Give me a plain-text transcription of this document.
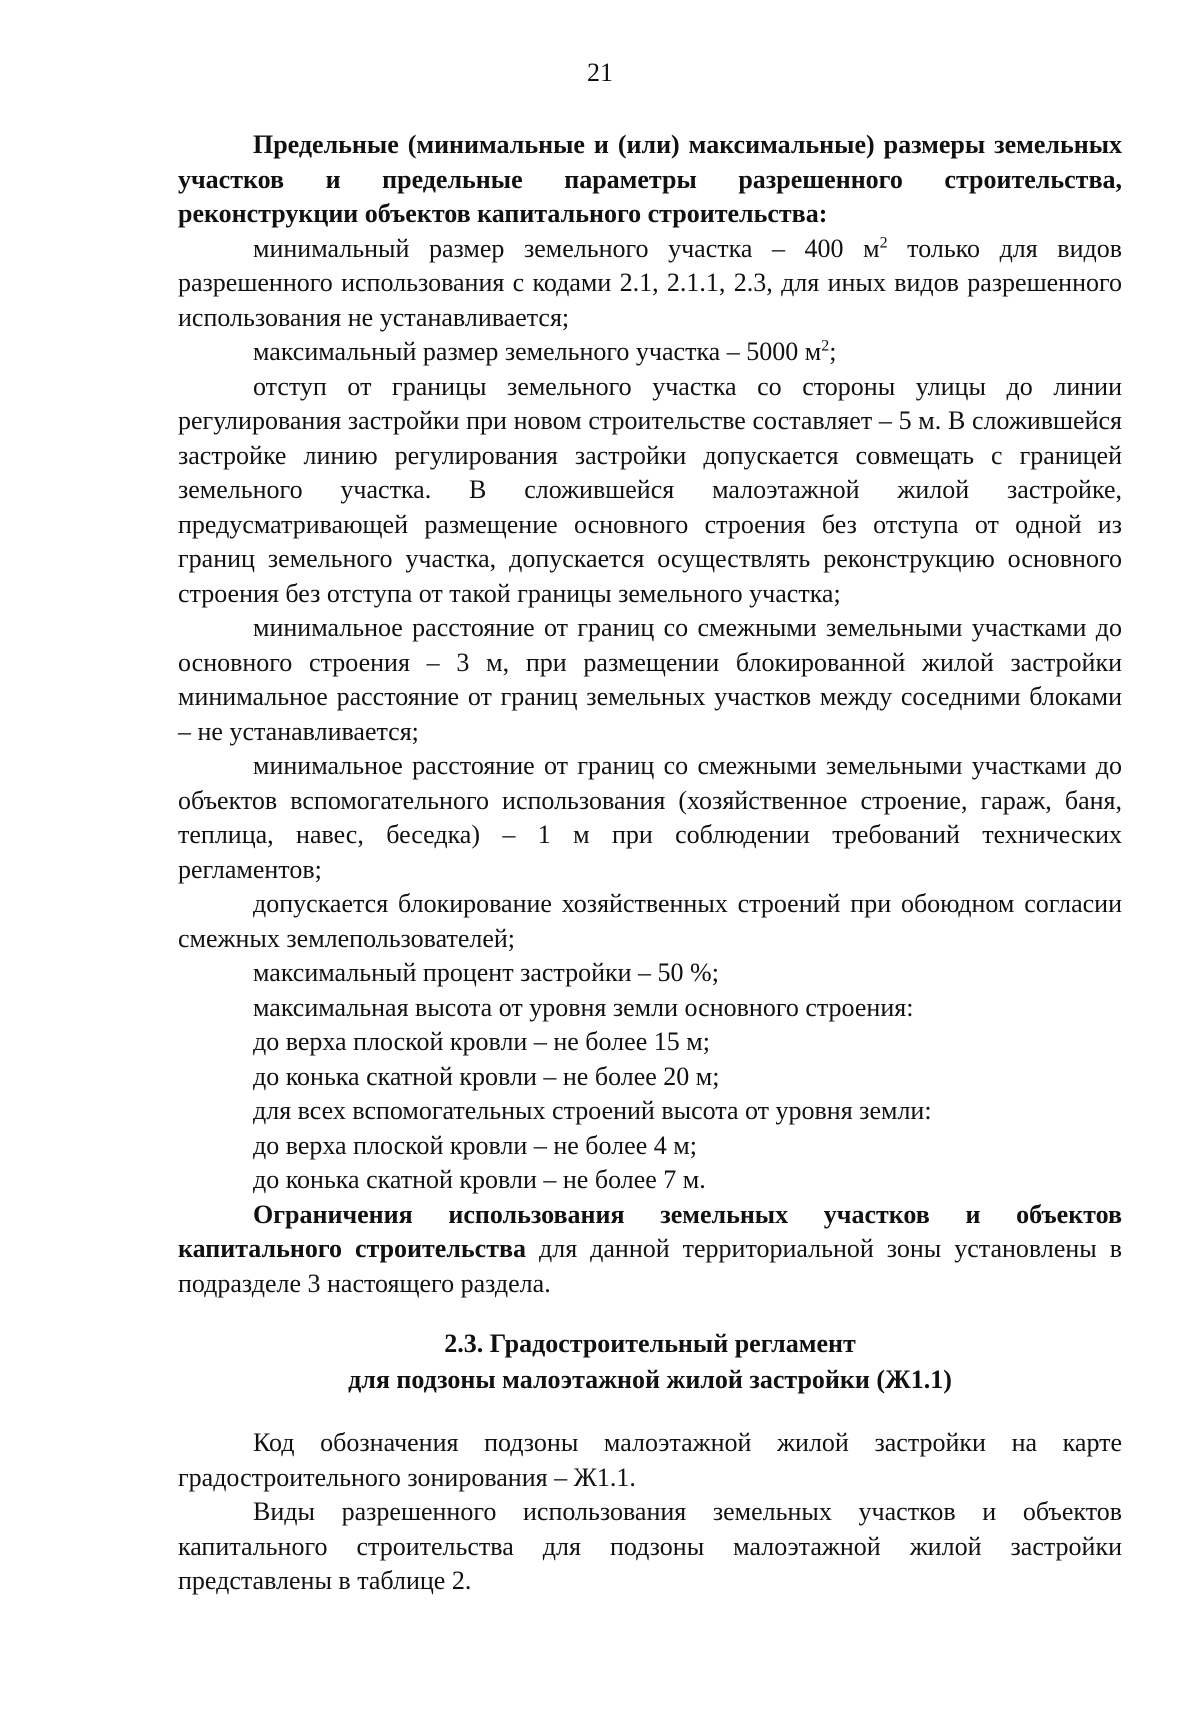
21

Предельные (минимальные и (или) максимальные) размеры земельных участков и предельные параметры разрешенного строительства, реконструкции объектов капитального строительства:

минимальный размер земельного участка – 400 $м^2$ только для видов разрешенного использования с кодами 2.1, 2.1.1, 2.3, для иных видов разрешенного использования не устанавливается;

максимальный размер земельного участка – 5000 $м^2$;

отступ от границы земельного участка со стороны улицы до линии регулирования застройки при новом строительстве составляет – 5 м. В сложившейся застройке линию регулирования застройки допускается совмещать с границей земельного участка. В сложившейся малоэтажной жилой застройке, предусматривающей размещение основного строения без отступа от одной из границ земельного участка, допускается осуществлять реконструкцию основного строения без отступа от такой границы земельного участка;

минимальное расстояние от границ со смежными земельными участками до основного строения – 3 м, при размещении блокированной жилой застройки минимальное расстояние от границ земельных участков между соседними блоками – не устанавливается;

минимальное расстояние от границ со смежными земельными участками до объектов вспомогательного использования (хозяйственное строение, гараж, баня, теплица, навес, беседка) – 1 м при соблюдении требований технических регламентов;

допускается блокирование хозяйственных строений при обоюдном согласии смежных землепользователей;

максимальный процент застройки – 50 %;

максимальная высота от уровня земли основного строения:

до верха плоской кровли – не более 15 м;

до конька скатной кровли – не более 20 м;

для всех вспомогательных строений высота от уровня земли:

до верха плоской кровли – не более 4 м;

до конька скатной кровли – не более 7 м.

Ограничения использования земельных участков и объектов капитального строительства для данной территориальной зоны установлены в подразделе 3 настоящего раздела.

2.3. Градостроительный регламент
для подзоны малоэтажной жилой застройки (Ж1.1)

Код обозначения подзоны малоэтажной жилой застройки на карте градостроительного зонирования – Ж1.1.

Виды разрешенного использования земельных участков и объектов капитального строительства для подзоны малоэтажной жилой застройки представлены в таблице 2.
